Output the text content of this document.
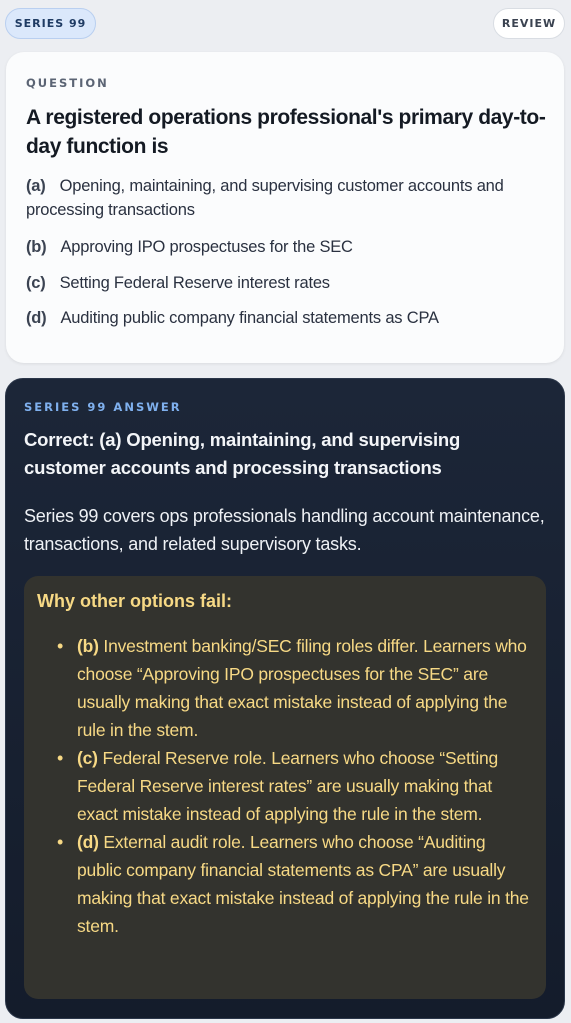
SERIES 99	REVIEW
QUESTION
A registered operations professional's primary day-to-day function is
(a) Opening, maintaining, and supervising customer accounts and processing transactions
(b) Approving IPO prospectuses for the SEC
(c) Setting Federal Reserve interest rates
(d) Auditing public company financial statements as CPA
SERIES 99 ANSWER
Correct: (a) Opening, maintaining, and supervising customer accounts and processing transactions
Series 99 covers ops professionals handling account maintenance, transactions, and related supervisory tasks.
Why other options fail:
• (b) Investment banking/SEC filing roles differ. Learners who choose “Approving IPO prospectuses for the SEC” are usually making that exact mistake instead of applying the rule in the stem.
• (c) Federal Reserve role. Learners who choose “Setting Federal Reserve interest rates” are usually making that exact mistake instead of applying the rule in the stem.
• (d) External audit role. Learners who choose “Auditing public company financial statements as CPA” are usually making that exact mistake instead of applying the rule in the stem.
